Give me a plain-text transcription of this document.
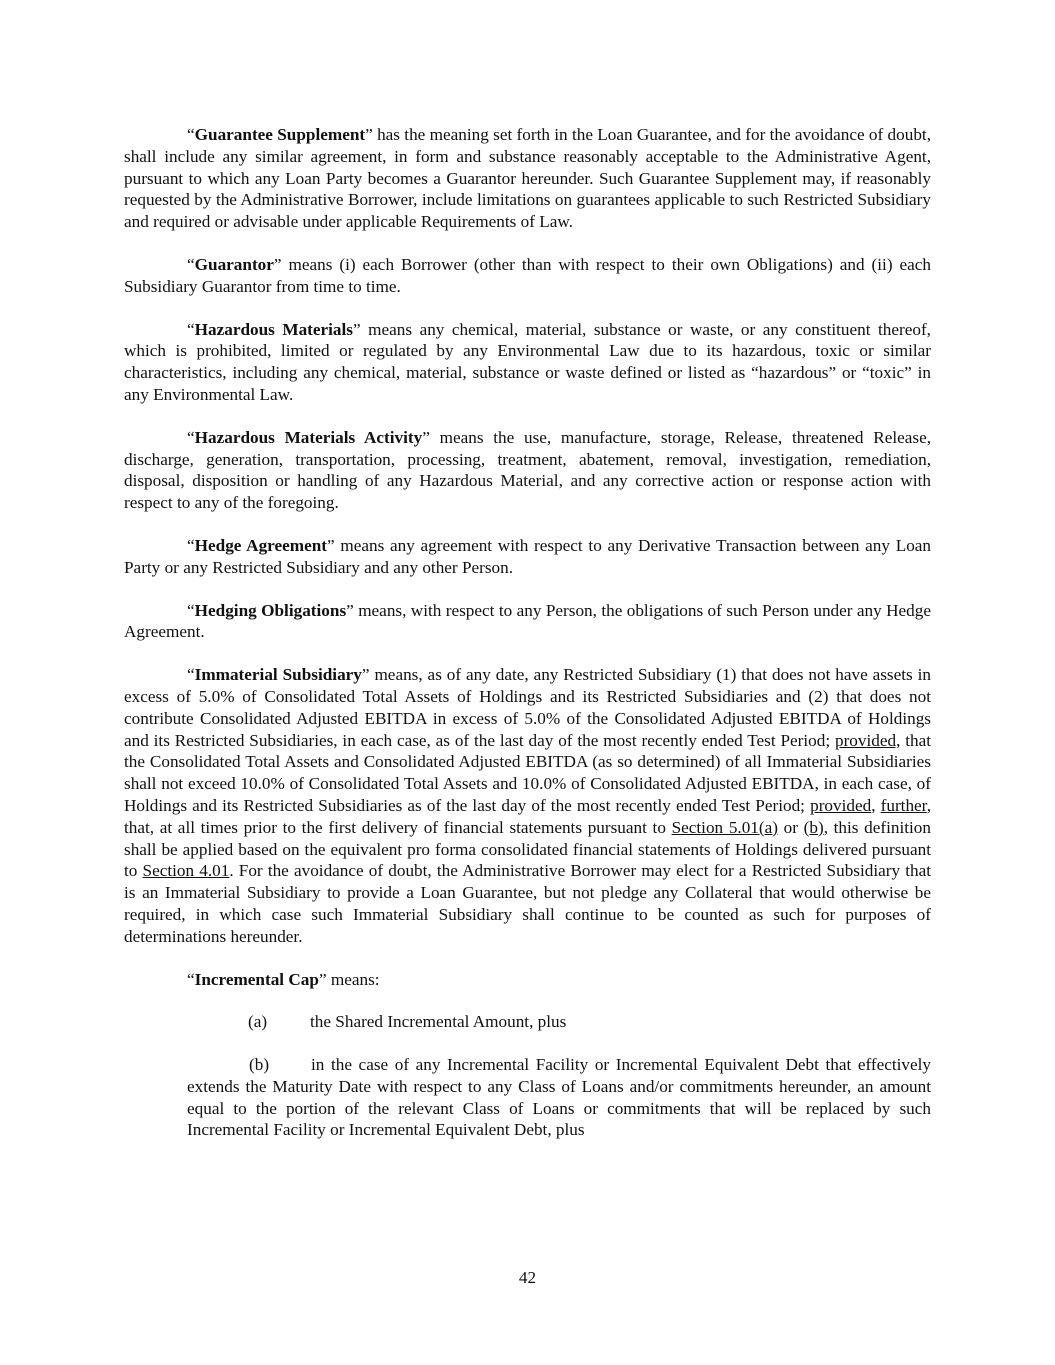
“Guarantee Supplement” has the meaning set forth in the Loan Guarantee, and for the avoidance of doubt, shall include any similar agreement, in form and substance reasonably acceptable to the Administrative Agent, pursuant to which any Loan Party becomes a Guarantor hereunder. Such Guarantee Supplement may, if reasonably requested by the Administrative Borrower, include limitations on guarantees applicable to such Restricted Subsidiary and required or advisable under applicable Requirements of Law.

“Guarantor” means (i) each Borrower (other than with respect to their own Obligations) and (ii) each Subsidiary Guarantor from time to time.

“Hazardous Materials” means any chemical, material, substance or waste, or any constituent thereof, which is prohibited, limited or regulated by any Environmental Law due to its hazardous, toxic or similar characteristics, including any chemical, material, substance or waste defined or listed as “hazardous” or “toxic” in any Environmental Law.

“Hazardous Materials Activity” means the use, manufacture, storage, Release, threatened Release, discharge, generation, transportation, processing, treatment, abatement, removal, investigation, remediation, disposal, disposition or handling of any Hazardous Material, and any corrective action or response action with respect to any of the foregoing.

“Hedge Agreement” means any agreement with respect to any Derivative Transaction between any Loan Party or any Restricted Subsidiary and any other Person.

“Hedging Obligations” means, with respect to any Person, the obligations of such Person under any Hedge Agreement.

“Immaterial Subsidiary” means, as of any date, any Restricted Subsidiary (1) that does not have assets in excess of 5.0% of Consolidated Total Assets of Holdings and its Restricted Subsidiaries and (2) that does not contribute Consolidated Adjusted EBITDA in excess of 5.0% of the Consolidated Adjusted EBITDA of Holdings and its Restricted Subsidiaries, in each case, as of the last day of the most recently ended Test Period; provided, that the Consolidated Total Assets and Consolidated Adjusted EBITDA (as so determined) of all Immaterial Subsidiaries shall not exceed 10.0% of Consolidated Total Assets and 10.0% of Consolidated Adjusted EBITDA, in each case, of Holdings and its Restricted Subsidiaries as of the last day of the most recently ended Test Period; provided, further, that, at all times prior to the first delivery of financial statements pursuant to Section 5.01(a) or (b), this definition shall be applied based on the equivalent pro forma consolidated financial statements of Holdings delivered pursuant to Section 4.01. For the avoidance of doubt, the Administrative Borrower may elect for a Restricted Subsidiary that is an Immaterial Subsidiary to provide a Loan Guarantee, but not pledge any Collateral that would otherwise be required, in which case such Immaterial Subsidiary shall continue to be counted as such for purposes of determinations hereunder.

“Incremental Cap” means:

(a) the Shared Incremental Amount, plus

(b) in the case of any Incremental Facility or Incremental Equivalent Debt that effectively extends the Maturity Date with respect to any Class of Loans and/or commitments hereunder, an amount equal to the portion of the relevant Class of Loans or commitments that will be replaced by such Incremental Facility or Incremental Equivalent Debt, plus

42
